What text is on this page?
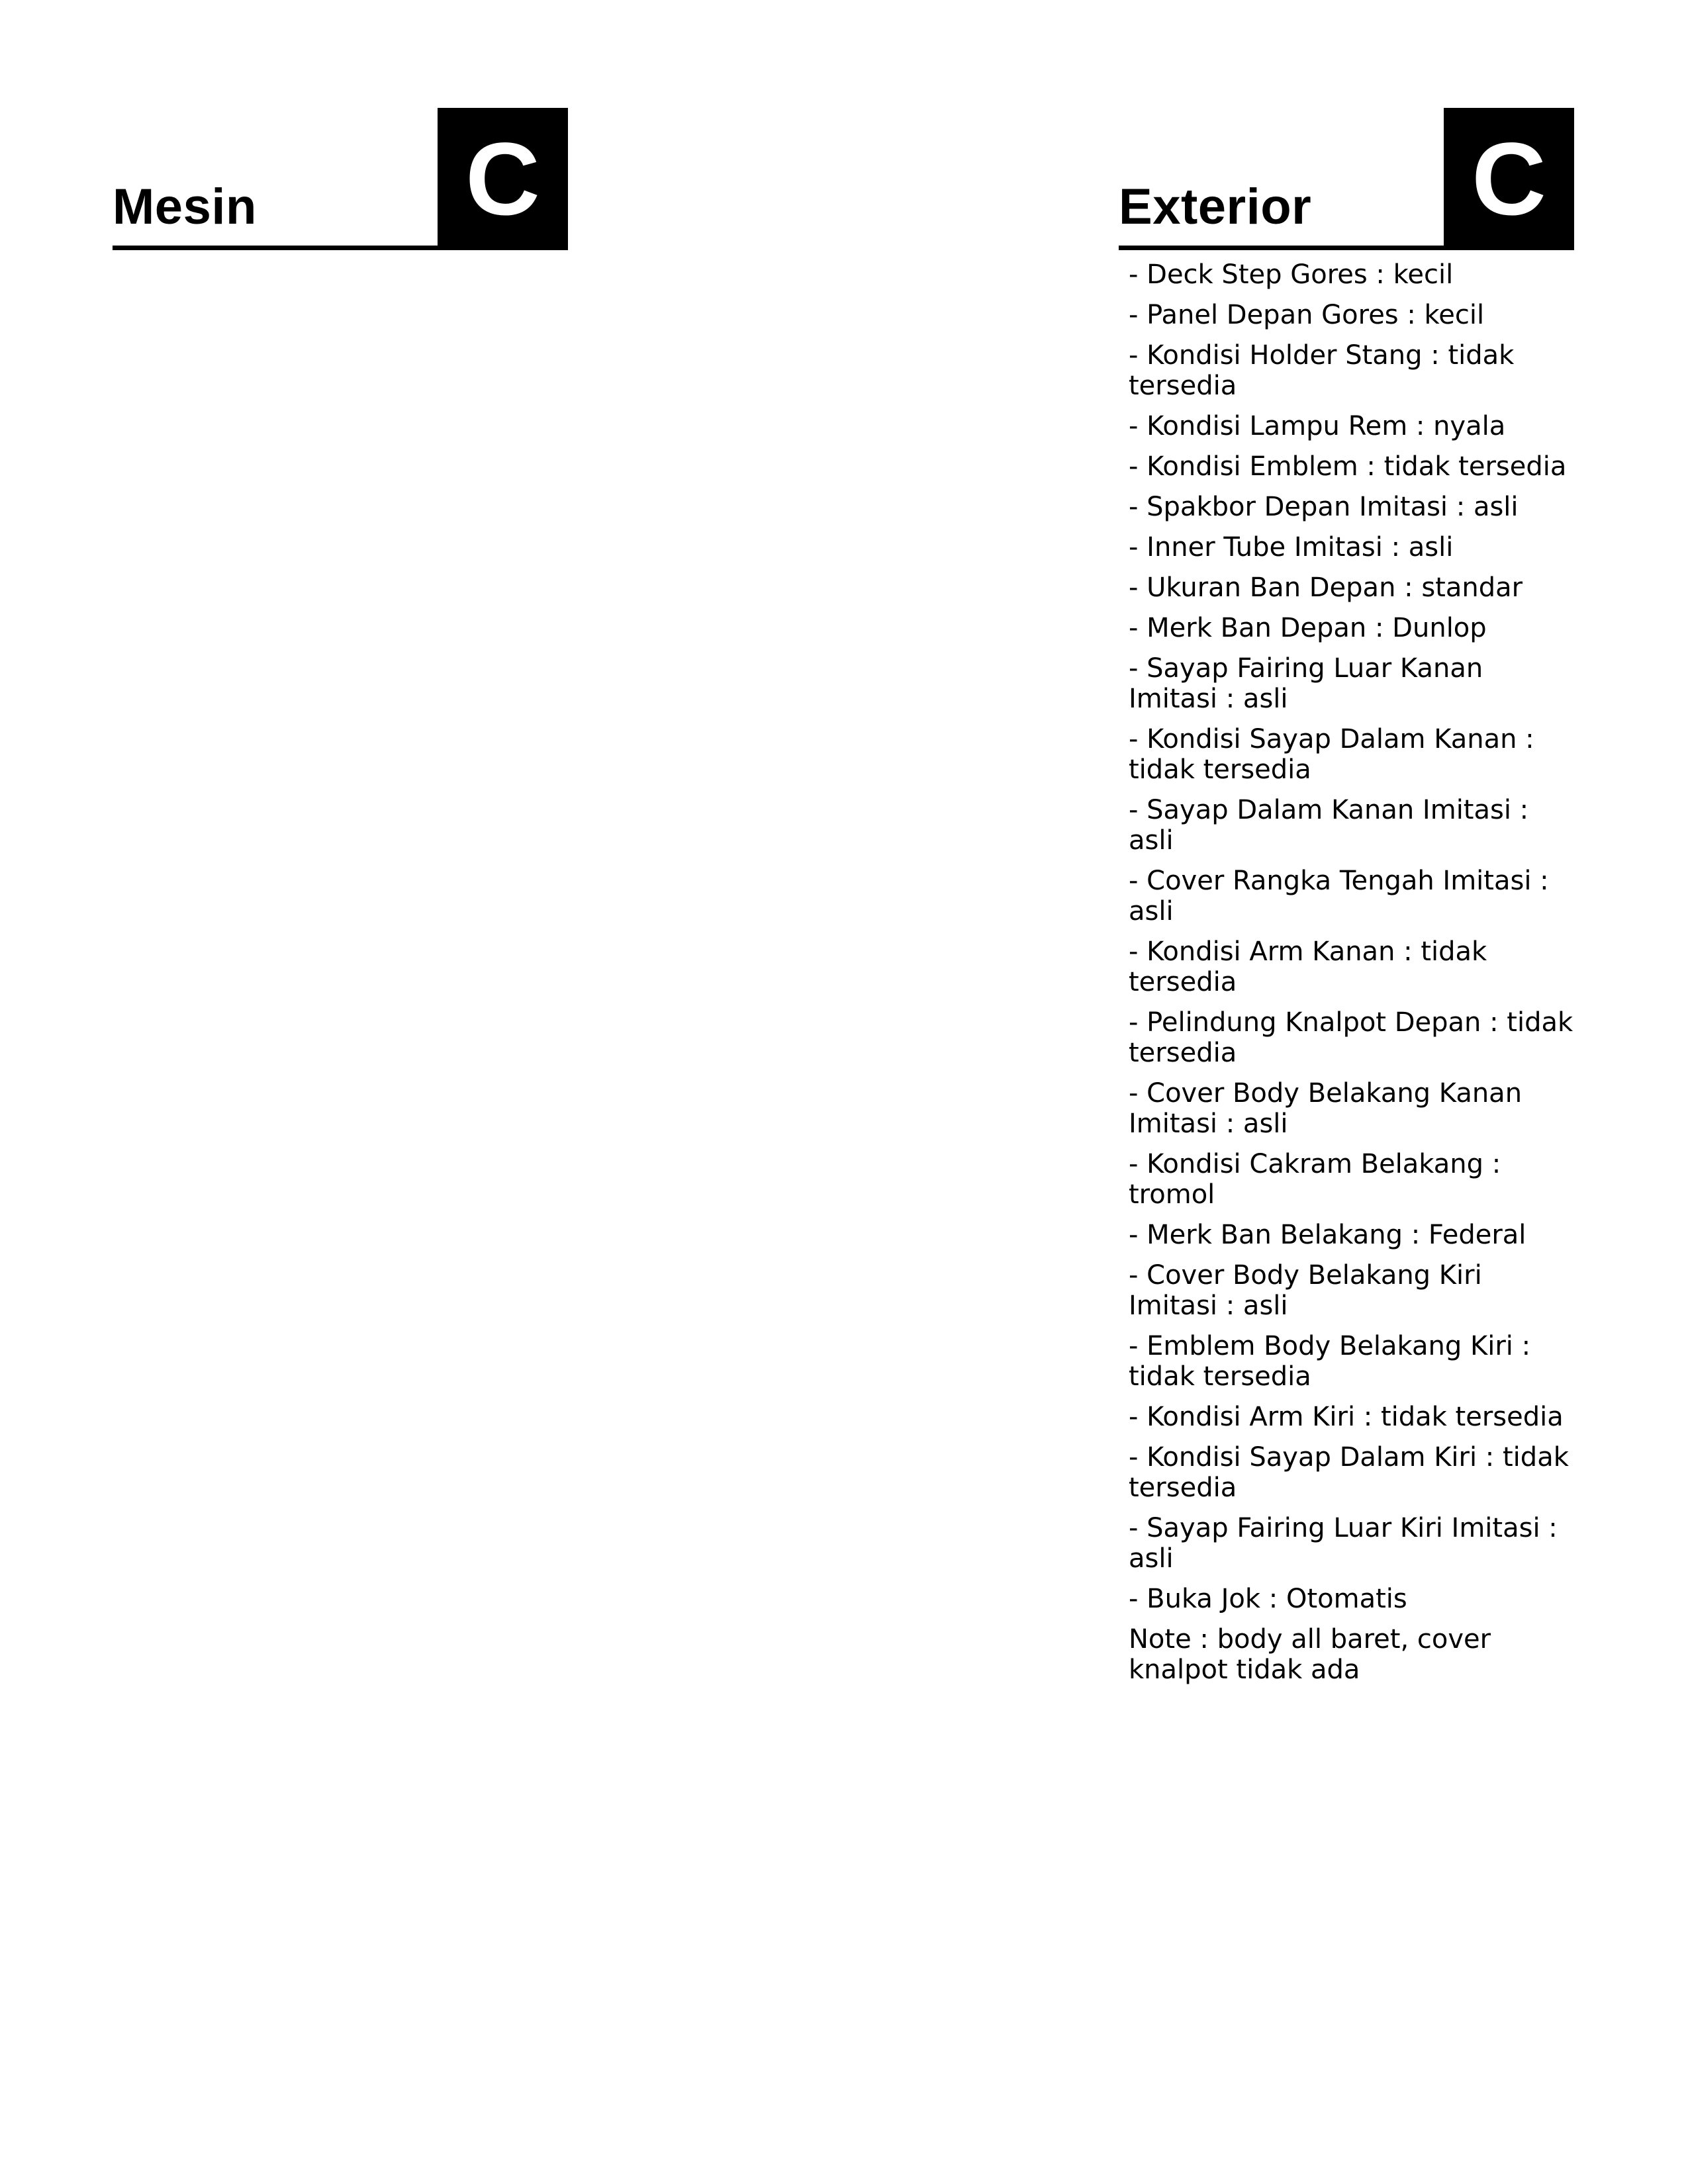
Mesin C	Exterior C
- Deck Step Gores : kecil
- Panel Depan Gores : kecil
- Kondisi Holder Stang : tidak tersedia
- Kondisi Lampu Rem : nyala
- Kondisi Emblem : tidak tersedia
- Spakbor Depan Imitasi : asli
- Inner Tube Imitasi : asli
- Ukuran Ban Depan : standar
- Merk Ban Depan : Dunlop
- Sayap Fairing Luar Kanan Imitasi : asli
- Kondisi Sayap Dalam Kanan : tidak tersedia
- Sayap Dalam Kanan Imitasi : asli
- Cover Rangka Tengah Imitasi : asli
- Kondisi Arm Kanan : tidak tersedia
- Pelindung Knalpot Depan : tidak tersedia
- Cover Body Belakang Kanan Imitasi : asli
- Kondisi Cakram Belakang : tromol
- Merk Ban Belakang : Federal
- Cover Body Belakang Kiri Imitasi : asli
- Emblem Body Belakang Kiri : tidak tersedia
- Kondisi Arm Kiri : tidak tersedia
- Kondisi Sayap Dalam Kiri : tidak tersedia
- Sayap Fairing Luar Kiri Imitasi : asli
- Buka Jok : Otomatis

Note : body all baret, cover knalpot tidak ada
